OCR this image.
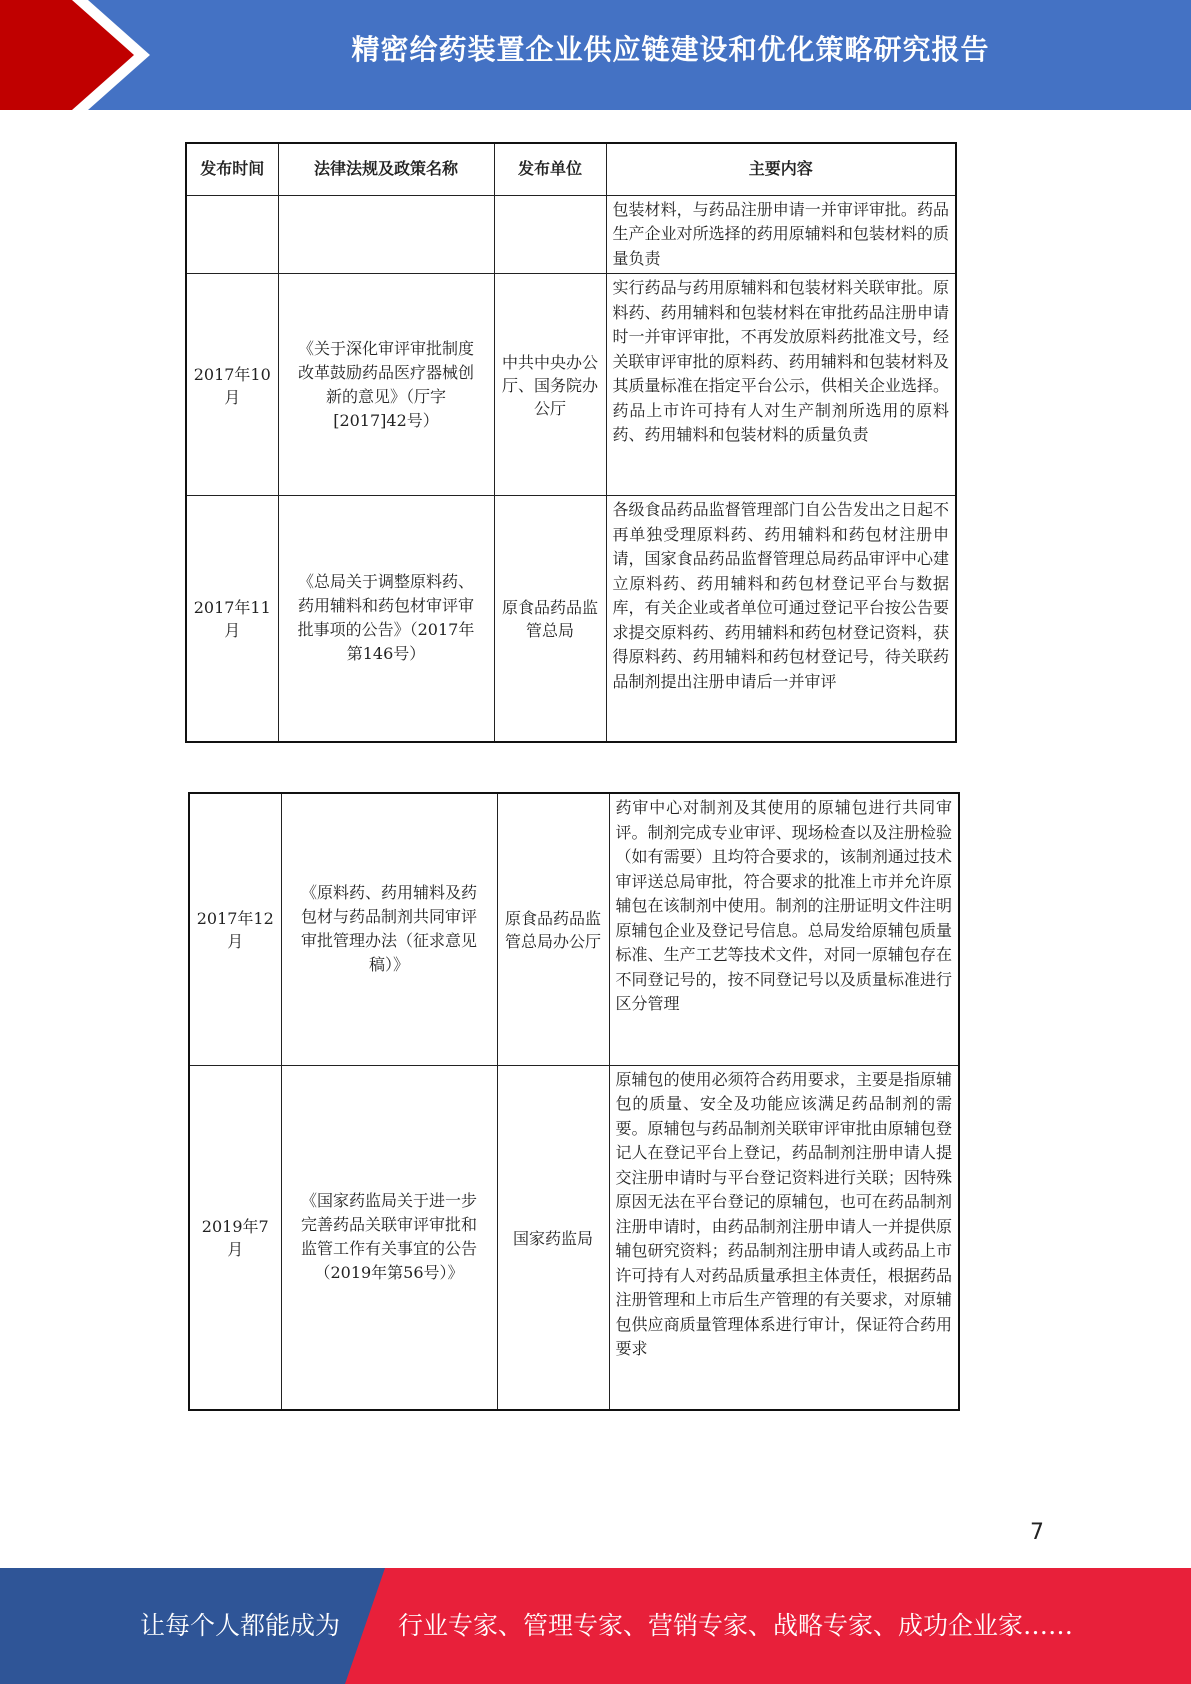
精密给药装置企业供应链建设和优化策略研究报告
发布时间	法律法规及政策名称	发布单位	主要内容
			包装材料，与药品注册申请一并审评审批。药品生产企业对所选择的药用原辅料和包装材料的质量负责
2017年10月	《关于深化审评审批制度改革鼓励药品医疗器械创新的意见》（厅字[2017]42号）	中共中央办公厅、国务院办公厅	实行药品与药用原辅料和包装材料关联审批。原料药、药用辅料和包装材料在审批药品注册申请时一并审评审批，不再发放原料药批准文号，经关联审评审批的原料药、药用辅料和包装材料及其质量标准在指定平台公示，供相关企业选择。药品上市许可持有人对生产制剂所选用的原料药、药用辅料和包装材料的质量负责
2017年11月	《总局关于调整原料药、药用辅料和药包材审评审批事项的公告》（2017年第146号）	原食品药品监管总局	各级食品药品监督管理部门自公告发出之日起不再单独受理原料药、药用辅料和药包材注册申请，国家食品药品监督管理总局药品审评中心建立原料药、药用辅料和药包材登记平台与数据库，有关企业或者单位可通过登记平台按公告要求提交原料药、药用辅料和药包材登记资料，获得原料药、药用辅料和药包材登记号，待关联药品制剂提出注册申请后一并审评
2017年12月	《原料药、药用辅料及药包材与药品制剂共同审评审批管理办法（征求意见稿）》	原食品药品监管总局办公厅	药审中心对制剂及其使用的原辅包进行共同审评。制剂完成专业审评、现场检查以及注册检验（如有需要）且均符合要求的，该制剂通过技术审评送总局审批，符合要求的批准上市并允许原辅包在该制剂中使用。制剂的注册证明文件注明原辅包企业及登记号信息。总局发给原辅包质量标准、生产工艺等技术文件，对同一原辅包存在不同登记号的，按不同登记号以及质量标准进行区分管理
2019年7月	《国家药监局关于进一步完善药品关联审评审批和监管工作有关事宜的公告（2019年第56号）》	国家药监局	原辅包的使用必须符合药用要求，主要是指原辅包的质量、安全及功能应该满足药品制剂的需要。原辅包与药品制剂关联审评审批由原辅包登记人在登记平台上登记，药品制剂注册申请人提交注册申请时与平台登记资料进行关联；因特殊原因无法在平台登记的原辅包，也可在药品制剂注册申请时，由药品制剂注册申请人一并提供原辅包研究资料；药品制剂注册申请人或药品上市许可持有人对药品质量承担主体责任，根据药品注册管理和上市后生产管理的有关要求，对原辅包供应商质量管理体系进行审计，保证符合药用要求
7
让每个人都能成为 行业专家、管理专家、营销专家、战略专家、成功企业家……
